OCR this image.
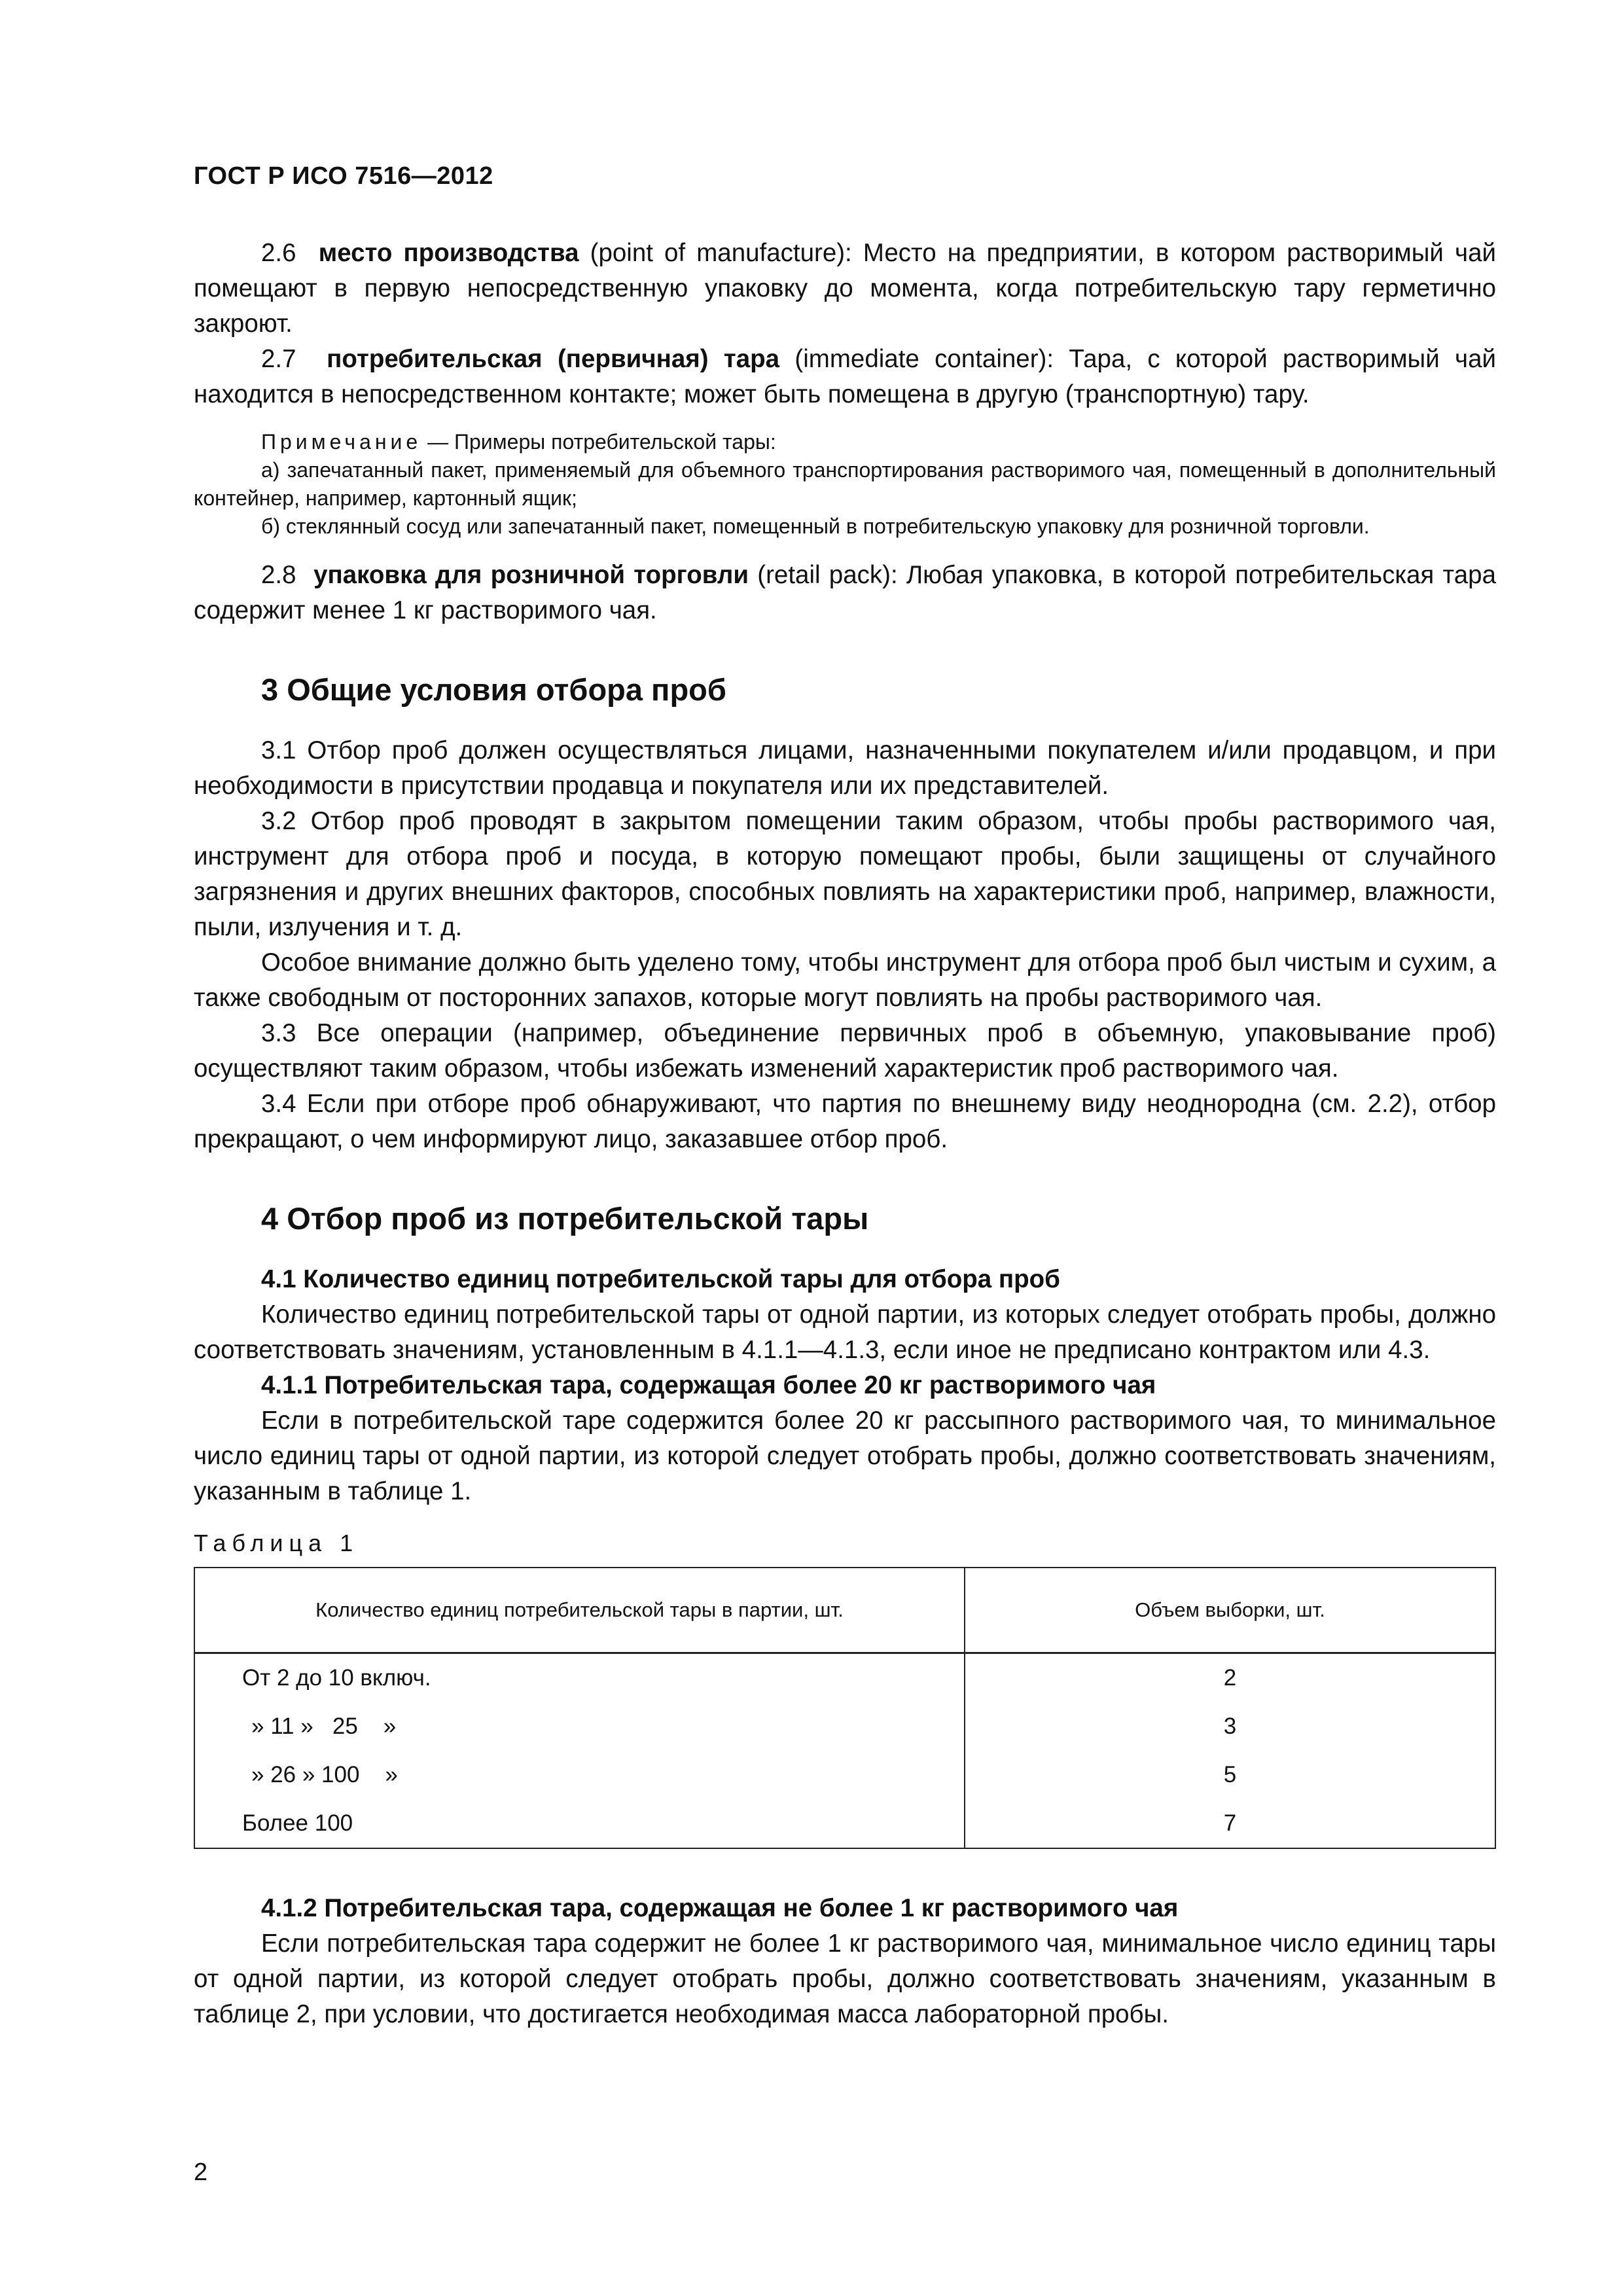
ГОСТ Р ИСО 7516—2012

2.6 место производства (point of manufacture): Место на предприятии, в котором растворимый чай помещают в первую непосредственную упаковку до момента, когда потребительскую тару герметично закроют.

2.7 потребительская (первичная) тара (immediate container): Тара, с которой растворимый чай находится в непосредственном контакте; может быть помещена в другую (транспортную) тару.

Примечание — Примеры потребительской тары:

а) запечатанный пакет, применяемый для объемного транспортирования растворимого чая, помещенный в дополнительный контейнер, например, картонный ящик;

б) стеклянный сосуд или запечатанный пакет, помещенный в потребительскую упаковку для розничной торговли.

2.8 упаковка для розничной торговли (retail pack): Любая упаковка, в которой потребительская тара содержит менее 1 кг растворимого чая.

3 Общие условия отбора проб

3.1 Отбор проб должен осуществляться лицами, назначенными покупателем и/или продавцом, и при необходимости в присутствии продавца и покупателя или их представителей.

3.2 Отбор проб проводят в закрытом помещении таким образом, чтобы пробы растворимого чая, инструмент для отбора проб и посуда, в которую помещают пробы, были защищены от случайного загрязнения и других внешних факторов, способных повлиять на характеристики проб, например, влажности, пыли, излучения и т. д.

Особое внимание должно быть уделено тому, чтобы инструмент для отбора проб был чистым и сухим, а также свободным от посторонних запахов, которые могут повлиять на пробы растворимого чая.

3.3 Все операции (например, объединение первичных проб в объемную, упаковывание проб) осуществляют таким образом, чтобы избежать изменений характеристик проб растворимого чая.

3.4 Если при отборе проб обнаруживают, что партия по внешнему виду неоднородна (см. 2.2), отбор прекращают, о чем информируют лицо, заказавшее отбор проб.

4 Отбор проб из потребительской тары
4.1 Количество единиц потребительской тары для отбора проб

Количество единиц потребительской тары от одной партии, из которых следует отобрать пробы, должно соответствовать значениям, установленным в 4.1.1—4.1.3, если иное не предписано контрактом или 4.3.

4.1.1 Потребительская тара, содержащая более 20 кг растворимого чая

Если в потребительской таре содержится более 20 кг рассыпного растворимого чая, то минимальное число единиц тары от одной партии, из которой следует отобрать пробы, должно соответствовать значениям, указанным в таблице 1.

Таблица 1
Количество единиц потребительской тары в партии, шт.	Объем выборки, шт.
От 2 до 10 включ.	2
» 11 »   25    »	3
» 26 » 100    »	5
Более 100	7
4.1.2 Потребительская тара, содержащая не более 1 кг растворимого чая

Если потребительская тара содержит не более 1 кг растворимого чая, минимальное число единиц тары от одной партии, из которой следует отобрать пробы, должно соответствовать значениям, указанным в таблице 2, при условии, что достигается необходимая масса лабораторной пробы.

2
